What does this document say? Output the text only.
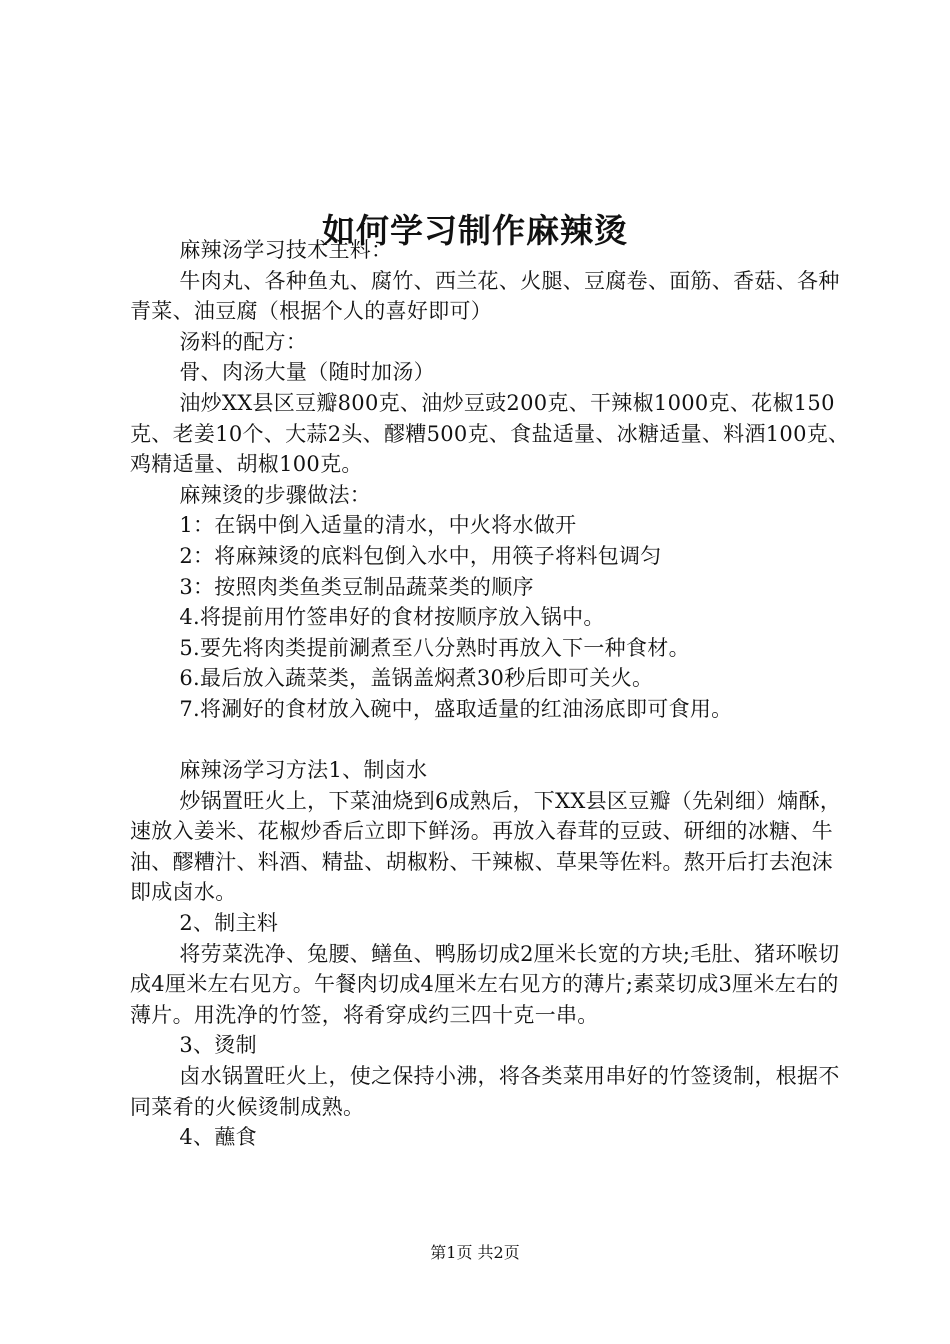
如何学习制作麻辣烫

麻辣汤学习技术主料：

牛肉丸、各种鱼丸、腐竹、西兰花、火腿、豆腐卷、面筋、香菇、各种青菜、油豆腐（根据个人的喜好即可）

汤料的配方：

骨、肉汤大量（随时加汤）

油炒XX县区豆瓣800克、油炒豆豉200克、干辣椒1000克、花椒150克、老姜10个、大蒜2头、醪糟500克、食盐适量、冰糖适量、料酒100克、鸡精适量、胡椒100克。

麻辣烫的步骤做法：

1：在锅中倒入适量的清水，中火将水做开

2：将麻辣烫的底料包倒入水中，用筷子将料包调匀

3：按照肉类鱼类豆制品蔬菜类的顺序

4.将提前用竹签串好的食材按顺序放入锅中。

5.要先将肉类提前涮煮至八分熟时再放入下一种食材。

6.最后放入蔬菜类，盖锅盖焖煮30秒后即可关火。

7.将涮好的食材放入碗中，盛取适量的红油汤底即可食用。

麻辣汤学习方法1、制卤水

炒锅置旺火上，下菜油烧到6成熟后，下XX县区豆瓣（先剁细）煵酥，速放入姜米、花椒炒香后立即下鲜汤。再放入舂茸的豆豉、研细的冰糖、牛油、醪糟汁、料酒、精盐、胡椒粉、干辣椒、草果等佐料。熬开后打去泡沫即成卤水。

2、制主料

将劳菜洗净、兔腰、鳝鱼、鸭肠切成2厘米长宽的方块;毛肚、猪环喉切成4厘米左右见方。午餐肉切成4厘米左右见方的薄片;素菜切成3厘米左右的薄片。用洗净的竹签，将肴穿成约三四十克一串。

3、烫制

卤水锅置旺火上，使之保持小沸，将各类菜用串好的竹签烫制，根据不同菜肴的火候烫制成熟。

4、蘸食

第1页 共2页
